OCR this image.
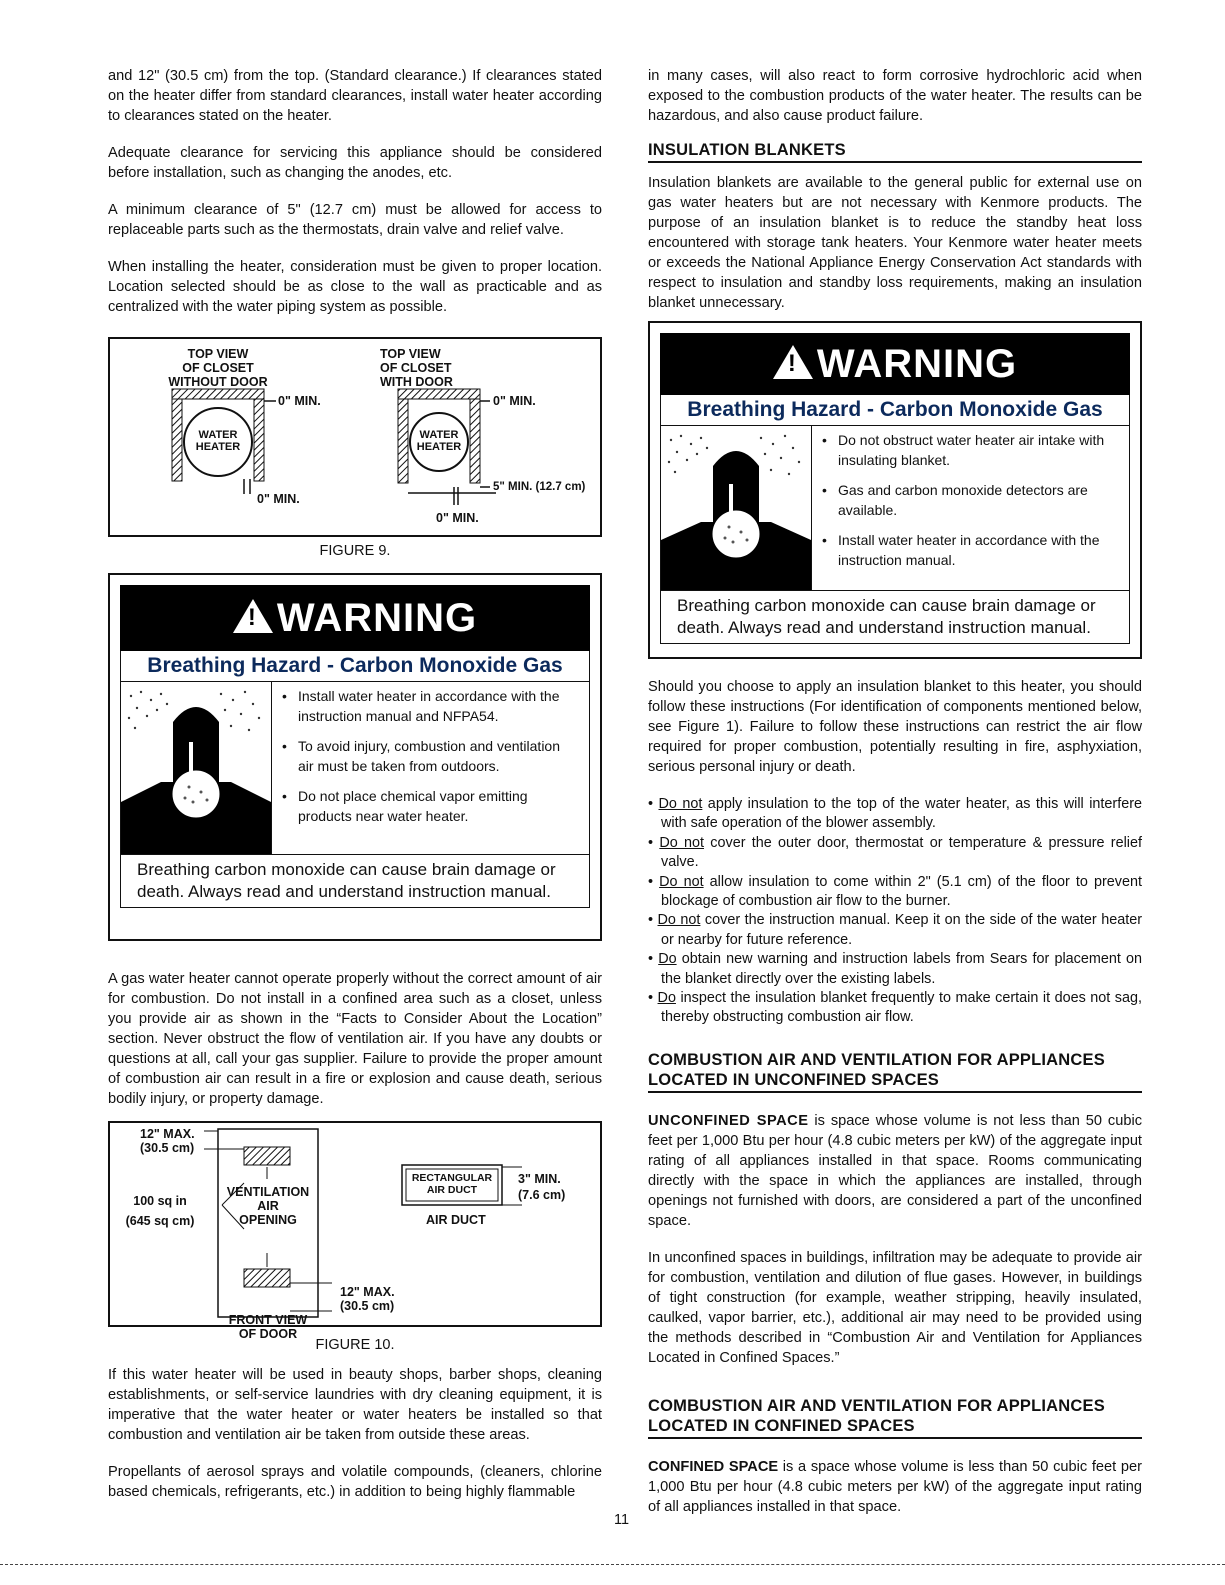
and 12" (30.5 cm) from the top. (Standard clearance.) If clearances stated on the heater differ from standard clearances, install water heater according to clearances stated on the heater.

Adequate clearance for servicing this appliance should be considered before installation, such as changing the anodes, etc.

A minimum clearance of 5" (12.7 cm) must be allowed for access to replaceable parts such as the thermostats, drain valve and relief valve.

When installing the heater, consideration must be given to proper location. Location selected should be as close to the wall as practicable and as centralized with the water piping system as possible.

TOP VIEW
OF CLOSET
WITHOUT DOOR
TOP VIEW
OF CLOSET
WITH DOOR
WATER
HEATER
WATER
HEATER
0" MIN.
0" MIN.
0" MIN.
5" MIN. (12.7 cm)
0" MIN.
FIGURE 9.
! WARNING
Breathing Hazard - Carbon Monoxide Gas
• Install water heater in accordance with the instruction manual and NFPA54.
• To avoid injury, combustion and ventilation air must be taken from outdoors.
• Do not place chemical vapor emitting products near water heater.
Breathing carbon monoxide can cause brain damage or death. Always read and understand instruction manual.

A gas water heater cannot operate properly without the correct amount of air for combustion. Do not install in a confined area such as a closet, unless you provide air as shown in the “Facts to Consider About the Location” section. Never obstruct the flow of ventilation air. If you have any doubts or questions at all, call your gas supplier. Failure to provide the proper amount of combustion air can result in a fire or explosion and cause death, serious bodily injury, or property damage.

12" MAX.
(30.5 cm)
100 sq in
(645 sq cm)
VENTILATION
AIR
OPENING
12" MAX.
(30.5 cm)
FRONT VIEW
OF DOOR
RECTANGULAR
AIR DUCT
3" MIN.
(7.6 cm)
AIR DUCT
FIGURE 10.

If this water heater will be used in beauty shops, barber shops, cleaning establishments, or self-service laundries with dry cleaning equipment, it is imperative that the water heater or water heaters be installed so that combustion and ventilation air be taken from outside these areas.

Propellants of aerosol sprays and volatile compounds, (cleaners, chlorine based chemicals, refrigerants, etc.) in addition to being highly flammable

in many cases, will also react to form corrosive hydrochloric acid when exposed to the combustion products of the water heater. The results can be hazardous, and also cause product failure.

INSULATION BLANKETS

Insulation blankets are available to the general public for external use on gas water heaters but are not necessary with Kenmore products. The purpose of an insulation blanket is to reduce the standby heat loss encountered with storage tank heaters. Your Kenmore water heater meets or exceeds the National Appliance Energy Conservation Act standards with respect to insulation and standby loss requirements, making an insulation blanket unnecessary.

! WARNING
Breathing Hazard - Carbon Monoxide Gas
• Do not obstruct water heater air intake with insulating blanket.
• Gas and carbon monoxide detectors are available.
• Install water heater in accordance with the instruction manual.
Breathing carbon monoxide can cause brain damage or death. Always read and understand instruction manual.

Should you choose to apply an insulation blanket to this heater, you should follow these instructions (For identification of components mentioned below, see Figure 1). Failure to follow these instructions can restrict the air flow required for proper combustion, potentially resulting in fire, asphyxiation, serious personal injury or death.

• Do not apply insulation to the top of the water heater, as this will interfere with safe operation of the blower assembly.

• Do not cover the outer door, thermostat or temperature & pressure relief valve.

• Do not allow insulation to come within 2" (5.1 cm) of the floor to prevent blockage of combustion air flow to the burner.

• Do not cover the instruction manual. Keep it on the side of the water heater or nearby for future reference.

• Do obtain new warning and instruction labels from Sears for placement on the blanket directly over the existing labels.

• Do inspect the insulation blanket frequently to make certain it does not sag, thereby obstructing combustion air flow.

COMBUSTION AIR AND VENTILATION FOR APPLIANCES LOCATED IN UNCONFINED SPACES

UNCONFINED SPACE is space whose volume is not less than 50 cubic feet per 1,000 Btu per hour (4.8 cubic meters per kW) of the aggregate input rating of all appliances installed in that space. Rooms communicating directly with the space in which the appliances are installed, through openings not furnished with doors, are considered a part of the unconfined space.

In unconfined spaces in buildings, infiltration may be adequate to provide air for combustion, ventilation and dilution of flue gases. However, in buildings of tight construction (for example, weather stripping, heavily insulated, caulked, vapor barrier, etc.), additional air may need to be provided using the methods described in “Combustion Air and Ventilation for Appliances Located in Confined Spaces.”

COMBUSTION AIR AND VENTILATION FOR APPLIANCES LOCATED IN CONFINED SPACES

CONFINED SPACE is a space whose volume is less than 50 cubic feet per 1,000 Btu per hour (4.8 cubic meters per kW) of the aggregate input rating of all appliances installed in that space.

11
